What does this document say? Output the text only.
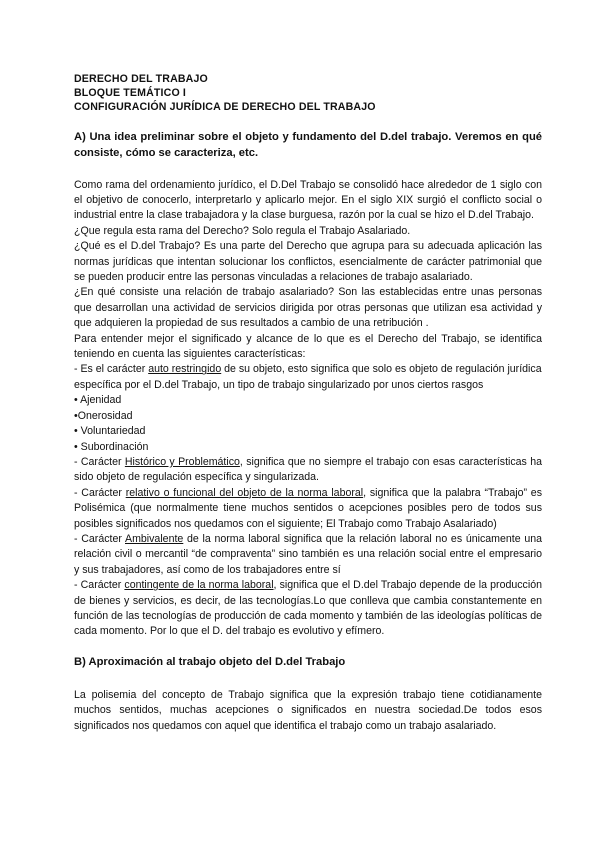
DERECHO DEL TRABAJO
BLOQUE TEMÁTICO I
CONFIGURACIÓN JURÍDICA DE DERECHO DEL TRABAJO
A) Una idea preliminar sobre el objeto y fundamento del D.del trabajo. Veremos en qué consiste, cómo se caracteriza, etc.

Como rama del ordenamiento jurídico, el D.Del Trabajo se consolidó hace alrededor de 1 siglo con el objetivo de conocerlo, interpretarlo y aplicarlo mejor. En el siglo XIX surgió el conflicto social o industrial entre la clase trabajadora y la clase burguesa, razón por la cual se hizo el D.del Trabajo.

¿Que regula esta rama del Derecho? Solo regula el Trabajo Asalariado.

¿Qué es el D.del Trabajo? Es una parte del Derecho que agrupa para su adecuada aplicación las normas jurídicas que intentan solucionar los conflictos, esencialmente de carácter patrimonial que se pueden producir entre las personas vinculadas a relaciones de trabajo asalariado.

¿En qué consiste una relación de trabajo asalariado? Son las establecidas entre unas personas que desarrollan una actividad de servicios dirigida por otras personas que utilizan esa actividad y que adquieren la propiedad de sus resultados a cambio de una retribución .

Para entender mejor el significado y alcance de lo que es el Derecho del Trabajo, se identifica teniendo en cuenta las siguientes características:

- Es el carácter auto restringido de su objeto, esto significa que solo es objeto de regulación jurídica específica por el D.del Trabajo, un tipo de trabajo singularizado por unos ciertos rasgos

• Ajenidad
•Onerosidad
• Voluntariedad
• Subordinación

- Carácter Histórico y Problemático, significa que no siempre el trabajo con esas características ha sido objeto de regulación específica y singularizada.

- Carácter relativo o funcional del objeto de la norma laboral, significa que la palabra “Trabajo” es Polisémica (que normalmente tiene muchos sentidos o acepciones posibles pero de todos sus posibles significados nos quedamos con el siguiente; El Trabajo como Trabajo Asalariado)

- Carácter Ambivalente de la norma laboral significa que la relación laboral no es únicamente una relación civil o mercantil “de compraventa” sino también es una relación social entre el empresario y sus trabajadores, así como de los trabajadores entre sí

- Carácter contingente de la norma laboral, significa que el D.del Trabajo depende de la producción de bienes y servicios, es decir, de las tecnologías.Lo que conlleva que cambia constantemente en función de las tecnologías de producción de cada momento y también de las ideologías políticas de cada momento. Por lo que el D. del trabajo es evolutivo y efímero.

B) Aproximación al trabajo objeto del D.del Trabajo

La polisemia del concepto de Trabajo significa que la expresión trabajo tiene cotidianamente muchos sentidos, muchas acepciones o significados en nuestra sociedad.De todos esos significados nos quedamos con aquel que identifica el trabajo como un trabajo asalariado.
